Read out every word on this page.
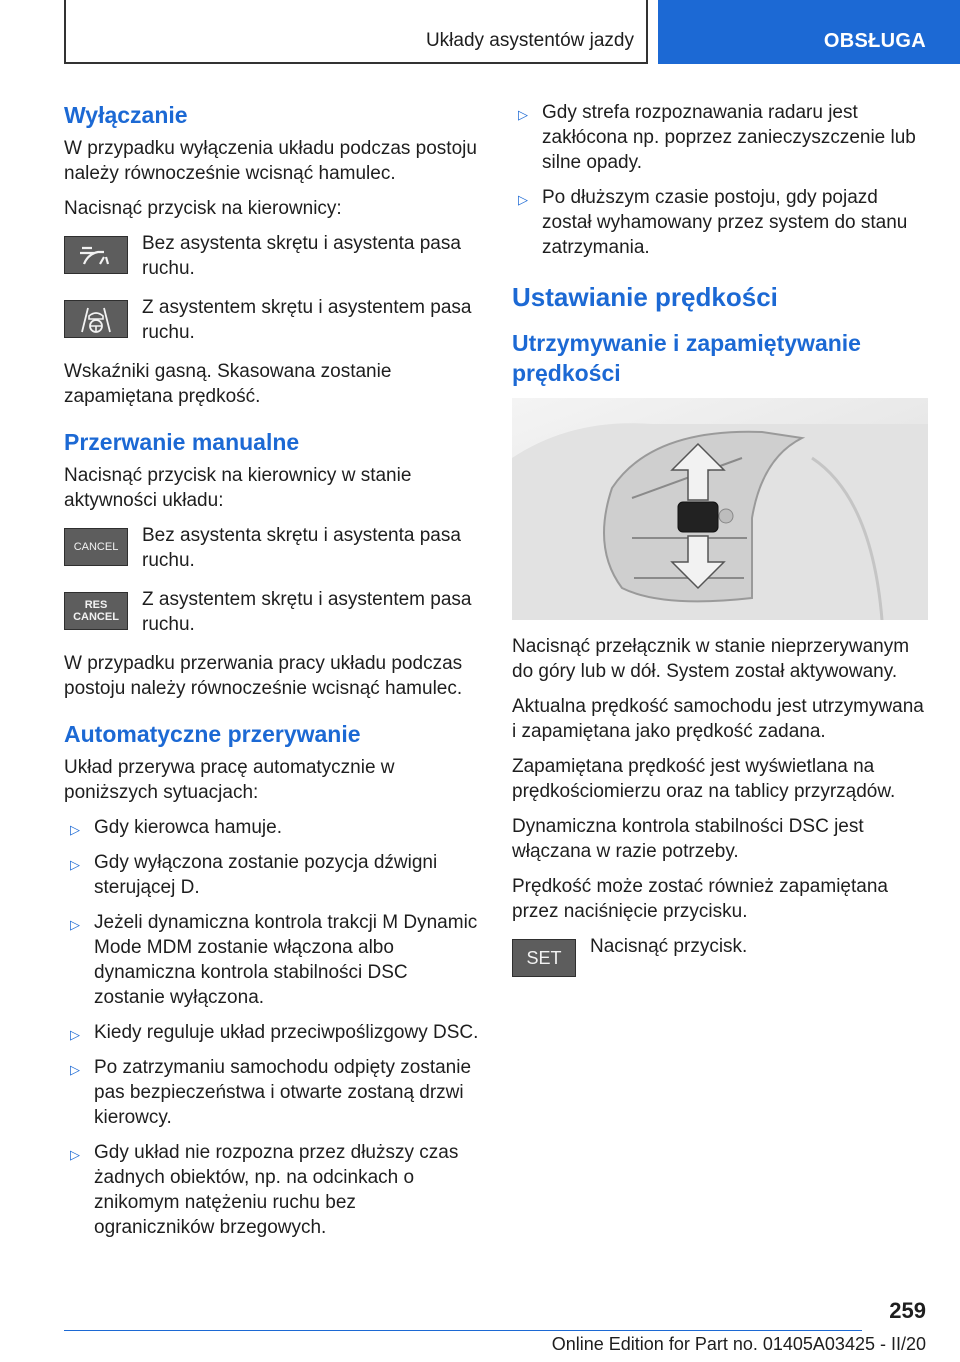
Układy asystentów jazdy	OBSŁUGA
Wyłączanie

W przypadku wyłączenia układu podczas postoju należy równocześnie wcisnąć hamulec.

Nacisnąć przycisk na kierownicy:

Bez asystenta skrętu i asystenta pasa ruchu.

Z asystentem skrętu i asystentem pasa ruchu.

Wskaźniki gasną. Skasowana zostanie zapamiętana prędkość.

Przerwanie manualne

Nacisnąć przycisk na kierownicy w stanie aktywności układu:

CANCEL

Bez asystenta skrętu i asystenta pasa ruchu.

RES
CANCEL

Z asystentem skrętu i asystentem pasa ruchu.

W przypadku przerwania pracy układu podczas postoju należy równocześnie wcisnąć hamulec.

Automatyczne przerywanie

Układ przerywa pracę automatycznie w poniższych sytuacjach:

▷ Gdy kierowca hamuje.
▷ Gdy wyłączona zostanie pozycja dźwigni sterującej D.
▷ Jeżeli dynamiczna kontrola trakcji M Dynamic Mode MDM zostanie włączona albo dynamiczna kontrola stabilności DSC zostanie wyłączona.
▷ Kiedy reguluje układ przeciwpoślizgowy DSC.
▷ Po zatrzymaniu samochodu odpięty zostanie pas bezpieczeństwa i otwarte zostaną drzwi kierowcy.
▷ Gdy układ nie rozpozna przez dłuższy czas żadnych obiektów, np. na odcinkach o znikomym natężeniu ruchu bez ograniczników brzegowych.
▷ Gdy strefa rozpoznawania radaru jest zakłócona np. poprzez zanieczyszczenie lub silne opady.
▷ Po dłuższym czasie postoju, gdy pojazd został wyhamowany przez system do stanu zatrzymania.
Ustawianie prędkości
Utrzymywanie i zapamiętywanie prędkości

Nacisnąć przełącznik w stanie nieprzerywanym do góry lub w dół. System został aktywowany.

Aktualna prędkość samochodu jest utrzymywana i zapamiętana jako prędkość zadana.

Zapamiętana prędkość jest wyświetlana na prędkościomierzu oraz na tablicy przyrządów.

Dynamiczna kontrola stabilności DSC jest włączana w razie potrzeby.

Prędkość może zostać również zapamiętana przez naciśnięcie przycisku.

SET

Nacisnąć przycisk.

259
Online Edition for Part no. 01405A03425 - II/20
